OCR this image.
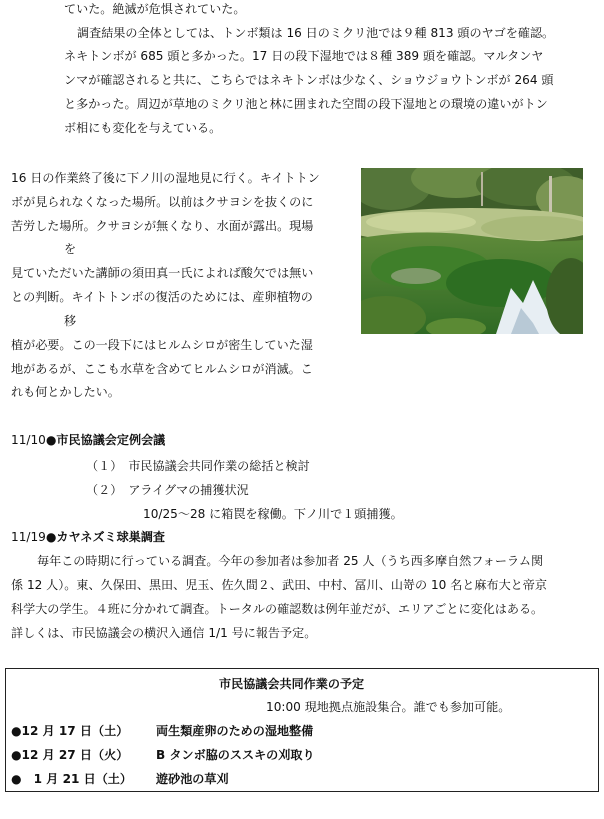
ていた。絶滅が危惧されていた。
調査結果の全体としては、トンボ類は 16 日のミクリ池では９種 813 頭のヤゴを確認。
ネキトンボが 685 頭と多かった。17 日の段下湿地では８種 389 頭を確認。マルタンヤ
ンマが確認されると共に、こちらではネキトンボは少なく、ショウジョウトンボが 264 頭
と多かった。周辺が草地のミクリ池と林に囲まれた空間の段下湿地との環境の違いがトン
ボ相にも変化を与えている。
16 日の作業終了後に下ノ川の湿地見に行く。キイトトン
ボが見られなくなった場所。以前はクサヨシを抜くのに
苦労した場所。クサヨシが無くなり、水面が露出。現場
を
見ていただいた講師の須田真一氏によれば酸欠では無い
との判断。キイトトンボの復活のためには、産卵植物の
移
植が必要。この一段下にはヒルムシロが密生していた湿
地があるが、ここも水草を含めてヒルムシロが消滅。こ
れも何とかしたい。
11/10●市民協議会定例会議
（１）　市民協議会共同作業の総括と検討
（２）　アライグマの捕獲状況
10/25～28 に箱罠を稼働。下ノ川で１頭捕獲。
11/19●カヤネズミ球巣調査
毎年この時期に行っている調査。今年の参加者は参加者 25 人（うち西多摩自然フォーラム関
係 12 人）。東、久保田、黒田、児玉、佐久間２、武田、中村、冨川、山嵜の 10 名と麻布大と帝京
科学大の学生。４班に分かれて調査。トータルの確認数は例年並だが、エリアごとに変化はある。
詳しくは、市民協議会の横沢入通信 1/1 号に報告予定。
市民協議会共同作業の予定
10:00 現地拠点施設集合。誰でも参加可能。
●12 月 17 日（土） 両生類産卵のための湿地整備
●12 月 27 日（火） B タンボ脇のススキの刈取り
●　1 月 21 日（土） 遊砂池の草刈
